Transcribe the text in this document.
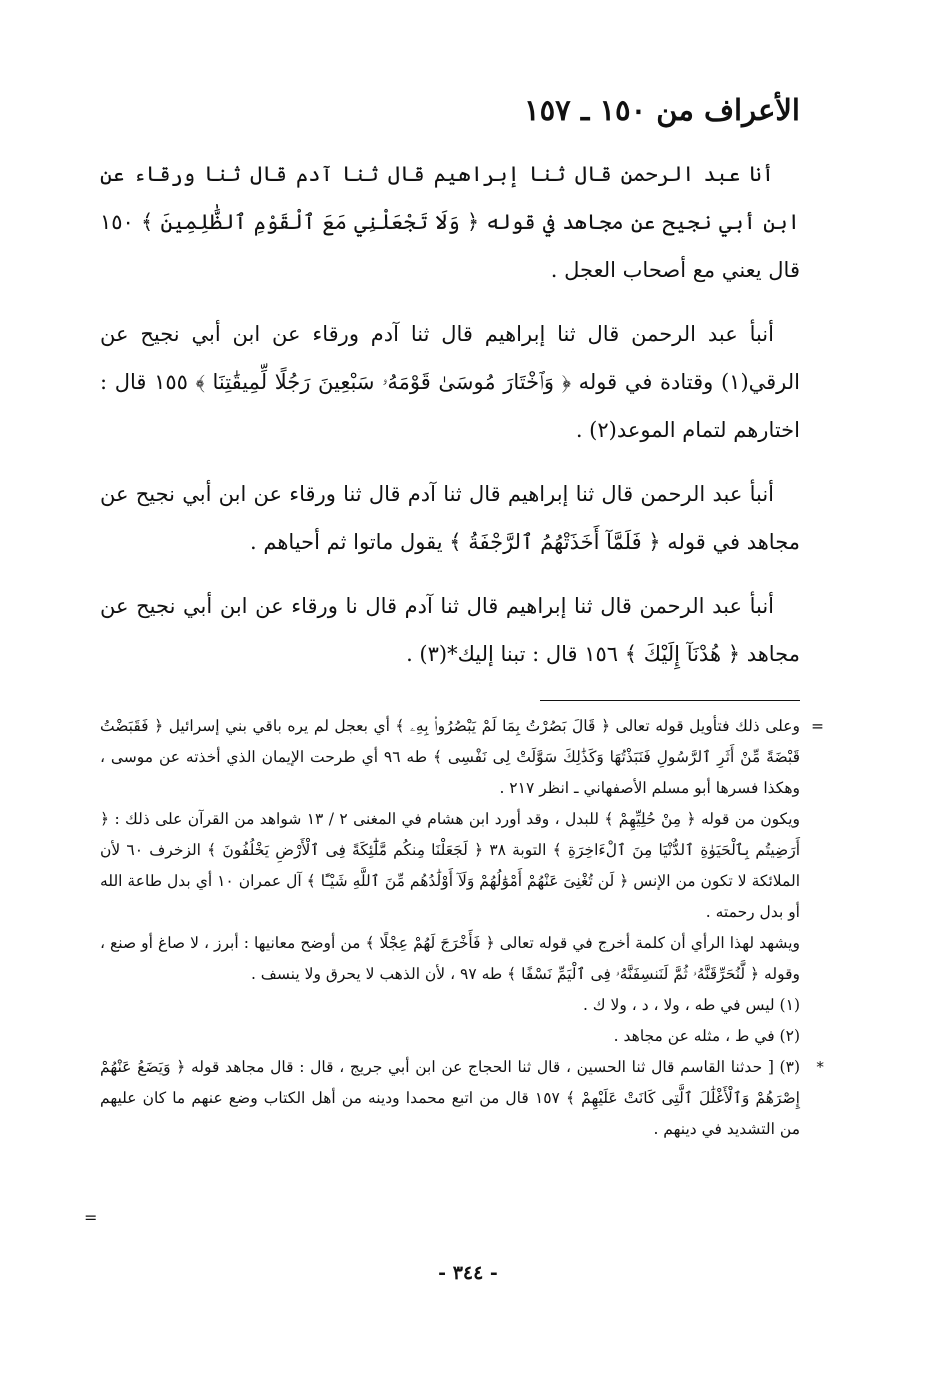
الأعراف من ١٥٠ ـ ١٥٧

أنا عبد الرحمن قال ثنا إبراهيم قال ثنا آدم قال ثنا ورقاء عن ابن أبي نجيح عن مجاهد في قوله ﴿ وَلَا تَجْعَلْنِي مَعَ ٱلْقَوْمِ ٱلظَّٰلِمِينَ ﴾ ١٥٠ قال يعني مع أصحاب العجل .

أنبأ عبد الرحمن قال ثنا إبراهيم قال ثنا آدم ورقاء عن ابن أبي نجيح عن الرقي(١) وقتادة في قوله ﴿ وَٱخْتَارَ مُوسَىٰ قَوْمَهُۥ سَبْعِينَ رَجُلًا لِّمِيقَٰتِنَا ﴾ ١٥٥ قال : اختارهم لتمام الموعد(٢) .

أنبأ عبد الرحمن قال ثنا إبراهيم قال ثنا آدم قال ثنا ورقاء عن ابن أبي نجيح عن مجاهد في قوله ﴿ فَلَمَّآ أَخَذَتْهُمُ ٱلرَّجْفَةُ ﴾ يقول ماتوا ثم أحياهم .

أنبأ عبد الرحمن قال ثنا إبراهيم قال ثنا آدم قال نا ورقاء عن ابن أبي نجيح عن مجاهد ﴿ هُدْنَآ إِلَيْكَ ﴾ ١٥٦ قال : تبنا إليك*(٣) .

=
وعلى ذلك فتأويل قوله تعالى ﴿ قَالَ بَصُرْتُ بِمَا لَمْ يَبْصُرُوا۟ بِهِۦ ﴾ أي بعجل لم يره باقي بني إسرائيل ﴿ فَقَبَضْتُ قَبْضَةً مِّنْ أَثَرِ ٱلرَّسُولِ فَنَبَذْتُهَا وَكَذَٰلِكَ سَوَّلَتْ لِى نَفْسِى ﴾ طه ٩٦ أي طرحت الإيمان الذي أخذته عن موسى ، وهكذا فسرها أبو مسلم الأصفهاني ـ انظر ٢١٧ .

ويكون من قوله ﴿ مِنْ حُلِيِّهِمْ ﴾ للبدل ، وقد أورد ابن هشام في المغنى ٢ / ١٣ شواهد من القرآن على ذلك : ﴿ أَرَضِيتُم بِٱلْحَيَوٰةِ ٱلدُّنْيَا مِنَ ٱلْءَاخِرَةِ ﴾ التوبة ٣٨ ﴿ لَجَعَلْنَا مِنكُم مَّلَٰٓئِكَةً فِى ٱلْأَرْضِ يَخْلُفُونَ ﴾ الزخرف ٦٠ لأن الملائكة لا تكون من الإنس ﴿ لَن تُغْنِىَ عَنْهُمْ أَمْوَٰلُهُمْ وَلَآ أَوْلَٰدُهُم مِّنَ ٱللَّهِ شَيْـًٔا ﴾ آل عمران ١٠ أي بدل طاعة الله أو بدل رحمته .

ويشهد لهذا الرأي أن كلمة أخرج في قوله تعالى ﴿ فَأَخْرَجَ لَهُمْ عِجْلًا ﴾ من أوضح معانيها : أبرز ، لا صاغ أو صنع ، وقوله ﴿ لَّنُحَرِّقَنَّهُۥ ثُمَّ لَنَنسِفَنَّهُۥ فِى ٱلْيَمِّ نَسْفًا ﴾ طه ٩٧ ، لأن الذهب لا يحرق ولا ينسف .

(١) ليس في طه ، ولا ، د ، ولا ك .

(٢) في ط ، مثله عن مجاهد .

*
(٣) [ حدثنا القاسم قال ثنا الحسين ، قال ثنا الحجاج عن ابن أبي جريج ، قال : قال مجاهد قوله ﴿ وَيَضَعُ عَنْهُمْ إِصْرَهُمْ وَٱلْأَغْلَٰلَ ٱلَّتِى كَانَتْ عَلَيْهِمْ ﴾ ١٥٧ قال من اتبع محمدا ودينه من أهل الكتاب وضع عنهم ما كان عليهم من التشديد في دينهم .

=
- ٣٤٤ -
